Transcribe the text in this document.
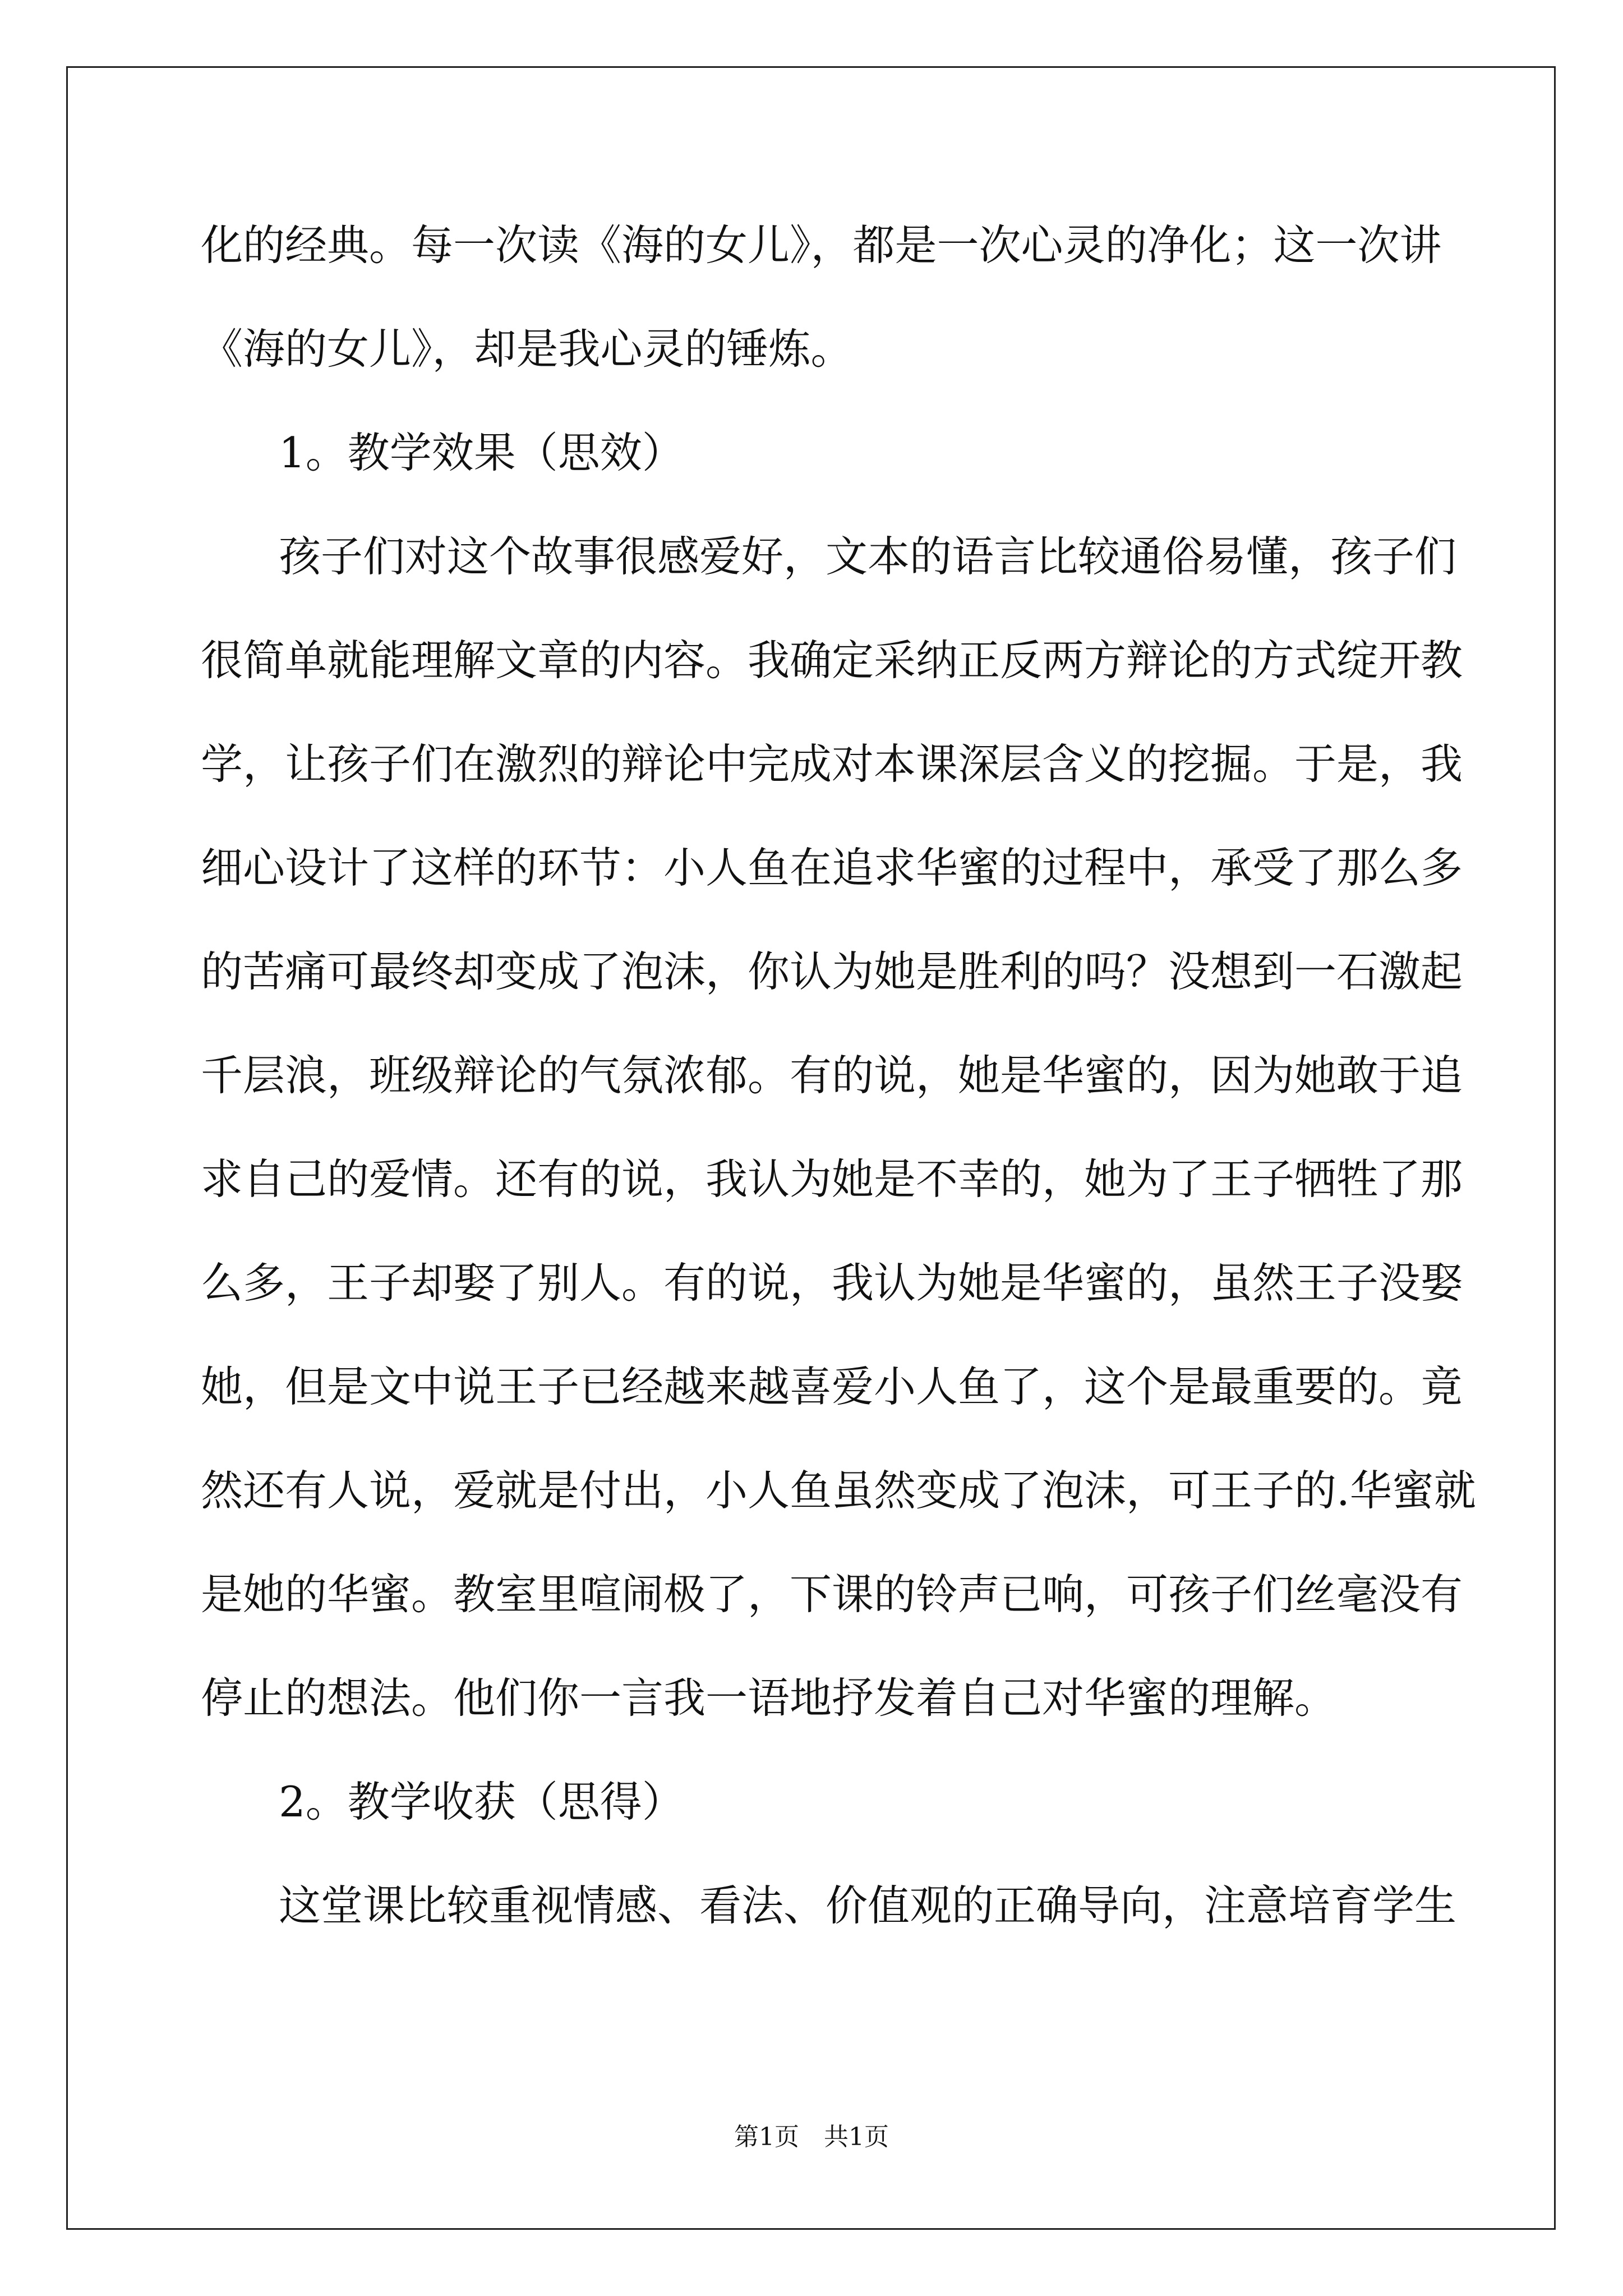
化的经典。每一次读《海的女儿》，都是一次心灵的净化；这一次讲
《海的女儿》，却是我心灵的锤炼。
1。教学效果（思效）
孩子们对这个故事很感爱好，文本的语言比较通俗易懂，孩子们
很简单就能理解文章的内容。我确定采纳正反两方辩论的方式绽开教
学，让孩子们在激烈的辩论中完成对本课深层含义的挖掘。于是，我
细心设计了这样的环节：小人鱼在追求华蜜的过程中，承受了那么多
的苦痛可最终却变成了泡沫，你认为她是胜利的吗？没想到一石激起
千层浪，班级辩论的气氛浓郁。有的说，她是华蜜的，因为她敢于追
求自己的爱情。还有的说，我认为她是不幸的，她为了王子牺牲了那
么多，王子却娶了别人。有的说，我认为她是华蜜的，虽然王子没娶
她，但是文中说王子已经越来越喜爱小人鱼了，这个是最重要的。竟
然还有人说，爱就是付出，小人鱼虽然变成了泡沫，可王子的.华蜜就
是她的华蜜。教室里喧闹极了，下课的铃声已响，可孩子们丝毫没有
停止的想法。他们你一言我一语地抒发着自己对华蜜的理解。
2。教学收获（思得）
这堂课比较重视情感、看法、价值观的正确导向，注意培育学生
第1页　共1页
